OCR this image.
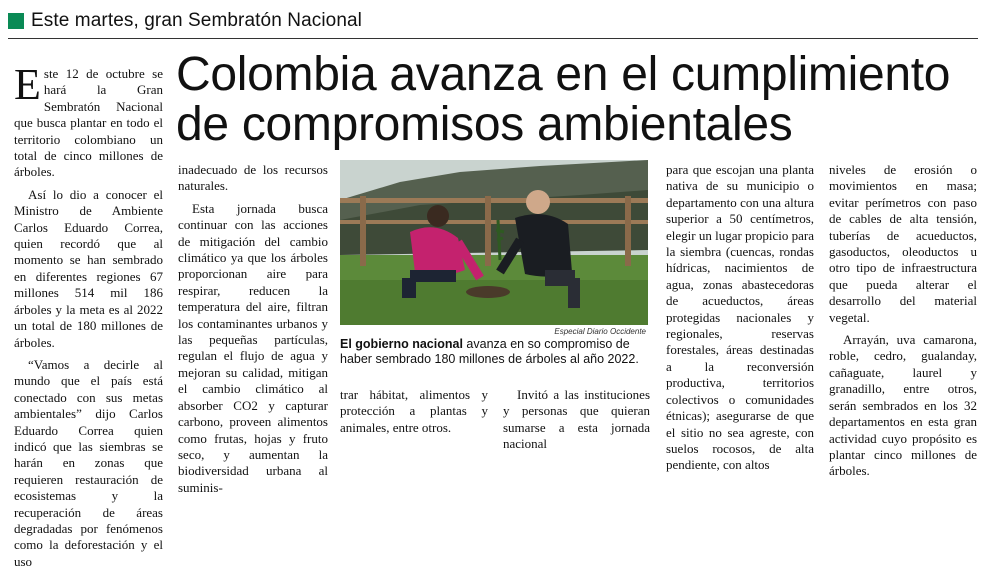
Este martes, gran Sembratón Nacional

Este 12 de octubre se hará la Gran Sembratón Nacional que busca plantar en todo el territorio colombiano un total de cinco millones de árboles.

Así lo dio a conocer el Ministro de Ambiente Carlos Eduardo Correa, quien recordó que al momento se han sembrado en diferentes regiones 67 millones 514 mil 186 árboles y la meta es al 2022 un total de 180 millones de árboles.

“Vamos a decirle al mundo que el país está conectado con sus metas ambientales” dijo Carlos Eduardo Correa quien indicó que las siembras se harán en zonas que requieren restauración de ecosistemas y la recuperación de áreas degradadas por fenómenos como la deforestación y el uso

Colombia avanza en el cumplimiento
de compromisos ambientales

inadecuado de los recursos naturales.

Esta jornada busca continuar con las acciones de mitigación del cambio climático ya que los árboles proporcionan aire para respirar, reducen la temperatura del aire, filtran los contaminantes urbanos y las pequeñas partículas, regulan el flujo de agua y mejoran su calidad, mitigan el cambio climático al absorber CO2 y capturar carbono, proveen alimentos como frutas, hojas y fruto seco, y aumentan la biodiversidad urbana al suminis-

Especial Diario Occidente
El gobierno nacional avanza en so compromiso de haber sembrado 180 millones de árboles al año 2022.

trar hábitat, alimentos y protección a plantas y animales, entre otros.

Invitó a las instituciones y personas que quieran sumarse a esta jornada nacional

para que escojan una planta nativa de su municipio o departamento con una altura superior a 50 centímetros, elegir un lugar propicio para la siembra (cuencas, rondas hídricas, nacimientos de agua, zonas abastecedoras de acueductos, áreas protegidas nacionales y regionales, reservas forestales, áreas destinadas a la reconversión productiva, territorios colectivos o comunidades étnicas); asegurarse de que el sitio no sea agreste, con suelos rocosos, de alta pendiente, con altos

niveles de erosión o movimientos en masa; evitar perímetros con paso de cables de alta tensión, tuberías de acueductos, gasoductos, oleoductos u otro tipo de infraestructura que pueda alterar el desarrollo del material vegetal.

Arrayán, uva camarona, roble, cedro, gualanday, cañaguate, laurel y granadillo, entre otros, serán sembrados en los 32 departamentos en esta gran actividad cuyo propósito es plantar cinco millones de árboles.
